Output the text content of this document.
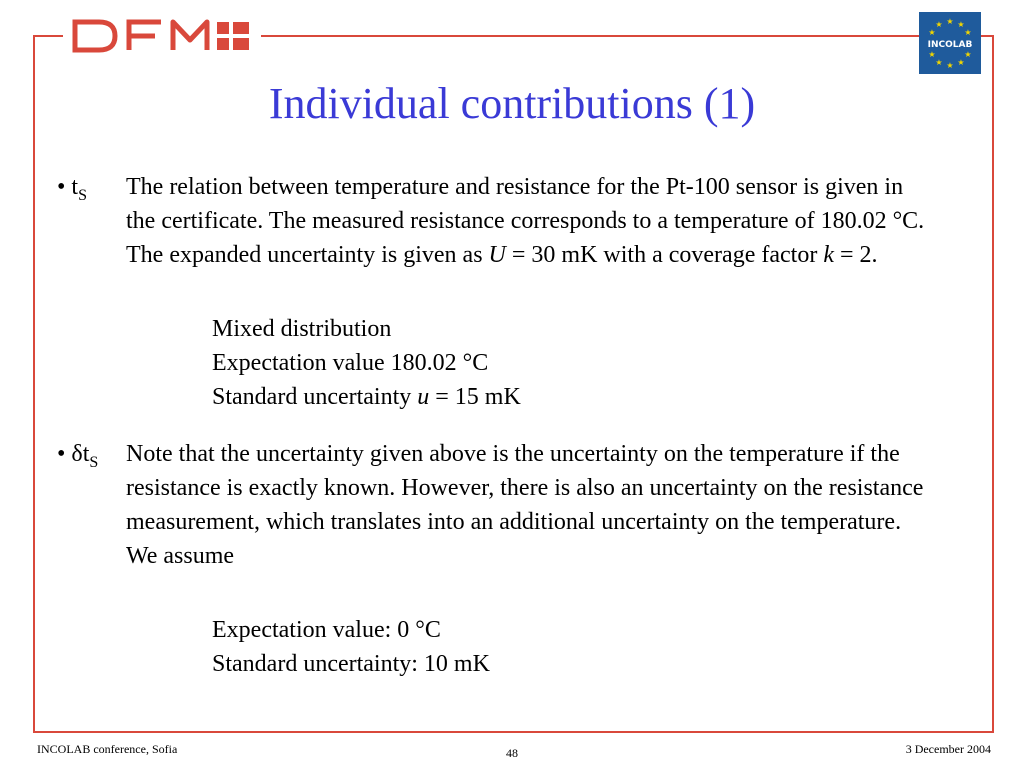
★ ★
★
★
★
★
★
★
★
★
INCOLAB
Individual contributions (1)
• $t_S$ The relation between temperature and resistance for the Pt-100 sensor is given in the certificate. The measured resistance corresponds to a temperature of 180.02 °C. The expanded uncertainty is given as U = 30 mK with a coverage factor k = 2.
Mixed distribution
Expectation value 180.02 °C
Standard uncertainty u = 15 mK
• $\delta t_S$ Note that the uncertainty given above is the uncertainty on the temperature if the resistance is exactly known. However, there is also an uncertainty on the resistance measurement, which translates into an additional uncertainty on the temperature. We assume
Expectation value: 0 °C
Standard uncertainty: 10 mK
INCOLAB conference, Sofia	48	3 December 2004
